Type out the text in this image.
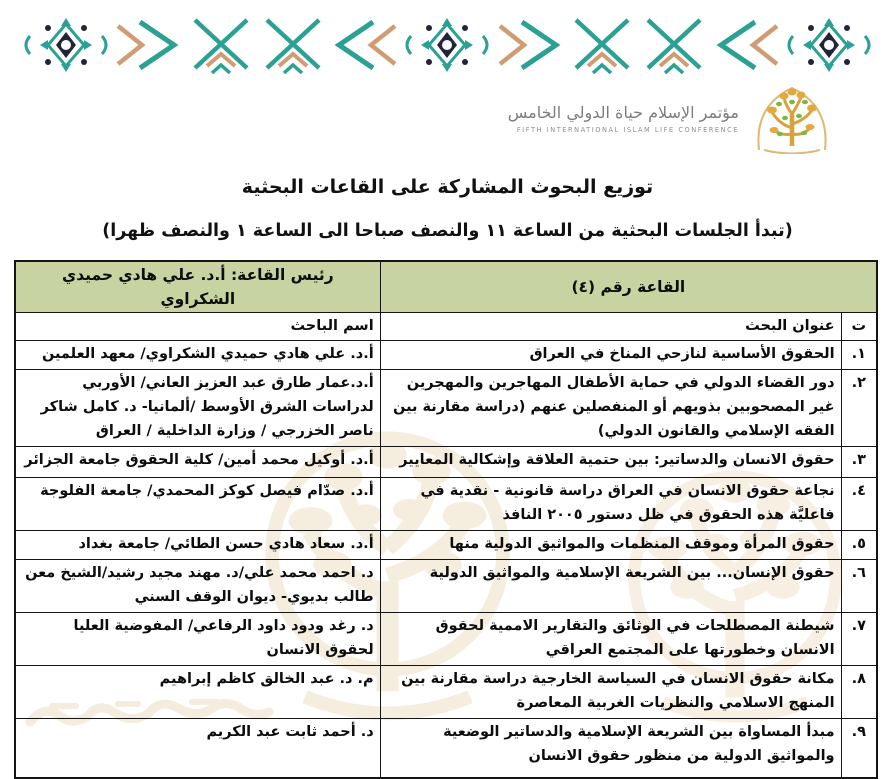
مؤتمر الإسلام حياة الدولي الخامس
FIFTH INTERNATIONAL ISLAM LIFE CONFERENCE
توزيع البحوث المشاركة على القاعات البحثية
(تبدأ الجلسات البحثية من الساعة ١١ والنصف صباحا الى الساعة ١ والنصف ظهرا)
القاعة رقم (٤)		رئيس القاعة: أ.د. علي هادي حميدي الشكراوي
ت	عنوان البحث	اسم الباحث
١.	الحقوق الأساسية لنازحي المناخ في العراق	أ.د. علي هادي حميدي الشكراوي/ معهد العلمين
٢.	دور القضاء الدولي في حماية الأطفال المهاجرين والمهجرين غير المصحوبين بذويهم أو المنفصلين عنهم (دراسة مقارنة بين الفقه الإسلامي والقانون الدولي)	أ.د.عمار طارق عبد العزيز العاني/ الأوربي لدراسات الشرق الأوسط /ألمانيا- د. كامل شاكر ناصر الخزرجي / وزارة الداخلية / العراق
٣.	حقوق الانسان والدساتير: بين حتمية العلاقة وإشكالية المعايير	أ.د. أوكيل محمد أمين/ كلية الحقوق جامعة الجزائر
٤.	نجاعة حقوق الانسان في العراق دراسة قانونية - نقدية في فاعليَّة هذه الحقوق في ظل دستور ٢٠٠٥ النافذ	أ.د. صدّام فيصل كوكز المحمدي/ جامعة الفلوجة
٥.	حقوق المرأة وموقف المنظمات والمواثيق الدولية منها	أ.د. سعاد هادي حسن الطائي/ جامعة بغداد
٦.	حقوق الإنسان... بين الشريعة الإسلامية والمواثيق الدولية	د. احمد محمد علي/د. مهند مجيد رشيد/الشيخ معن طالب بديوي- ديوان الوقف السني
٧.	شيطنة المصطلحات في الوثائق والتقارير الاممية لحقوق الانسان وخطورتها على المجتمع العراقي	د. رغد ودود داود الرفاعي/ المفوضية العليا لحقوق الانسان
٨.	مكانة حقوق الانسان في السياسة الخارجية دراسة مقارنة بين المنهج الاسلامي والنظريات الغربية المعاصرة	م. د. عبد الخالق كاظم إبراهيم
٩.	مبدأ المساواة بين الشريعة الإسلامية والدساتير الوضعية والمواثيق الدولية من منظور حقوق الانسان	د. أحمد ثابت عبد الكريم
